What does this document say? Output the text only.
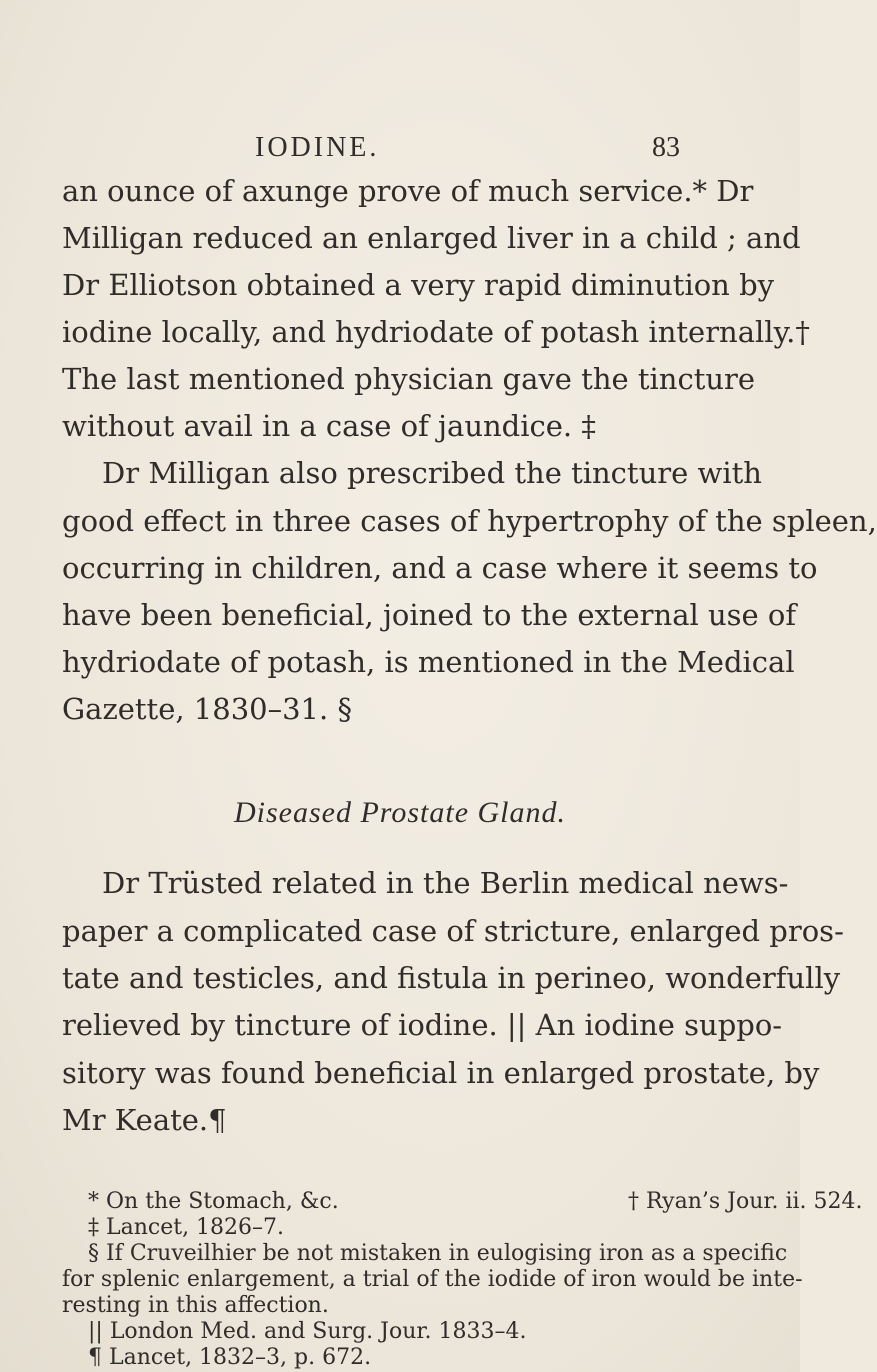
IODINE.	83
an ounce of axunge prove of much service.* Dr
Milligan reduced an enlarged liver in a child ; and
Dr Elliotson obtained a very rapid diminution by
iodine locally, and hydriodate of potash internally.†
The last mentioned physician gave the tincture
without avail in a case of jaundice. ‡
Dr Milligan also prescribed the tincture with
good effect in three cases of hypertrophy of the spleen,
occurring in children, and a case where it seems to
have been beneficial, joined to the external use of
hydriodate of potash, is mentioned in the Medical
Gazette, 1830–31. §
Diseased Prostate Gland.
Dr Trüsted related in the Berlin medical news-
paper a complicated case of stricture, enlarged pros-
tate and testicles, and fistula in perineo, wonderfully
relieved by tincture of iodine. || An iodine suppo-
sitory was found beneficial in enlarged prostate, by
Mr Keate.¶
* On the Stomach, &c.	† Ryan’s Jour. ii. 524.
‡ Lancet, 1826–7.
§ If Cruveilhier be not mistaken in eulogising iron as a specific
for splenic enlargement, a trial of the iodide of iron would be inte-
resting in this affection.
|| London Med. and Surg. Jour. 1833–4.
¶ Lancet, 1832–3, p. 672.
